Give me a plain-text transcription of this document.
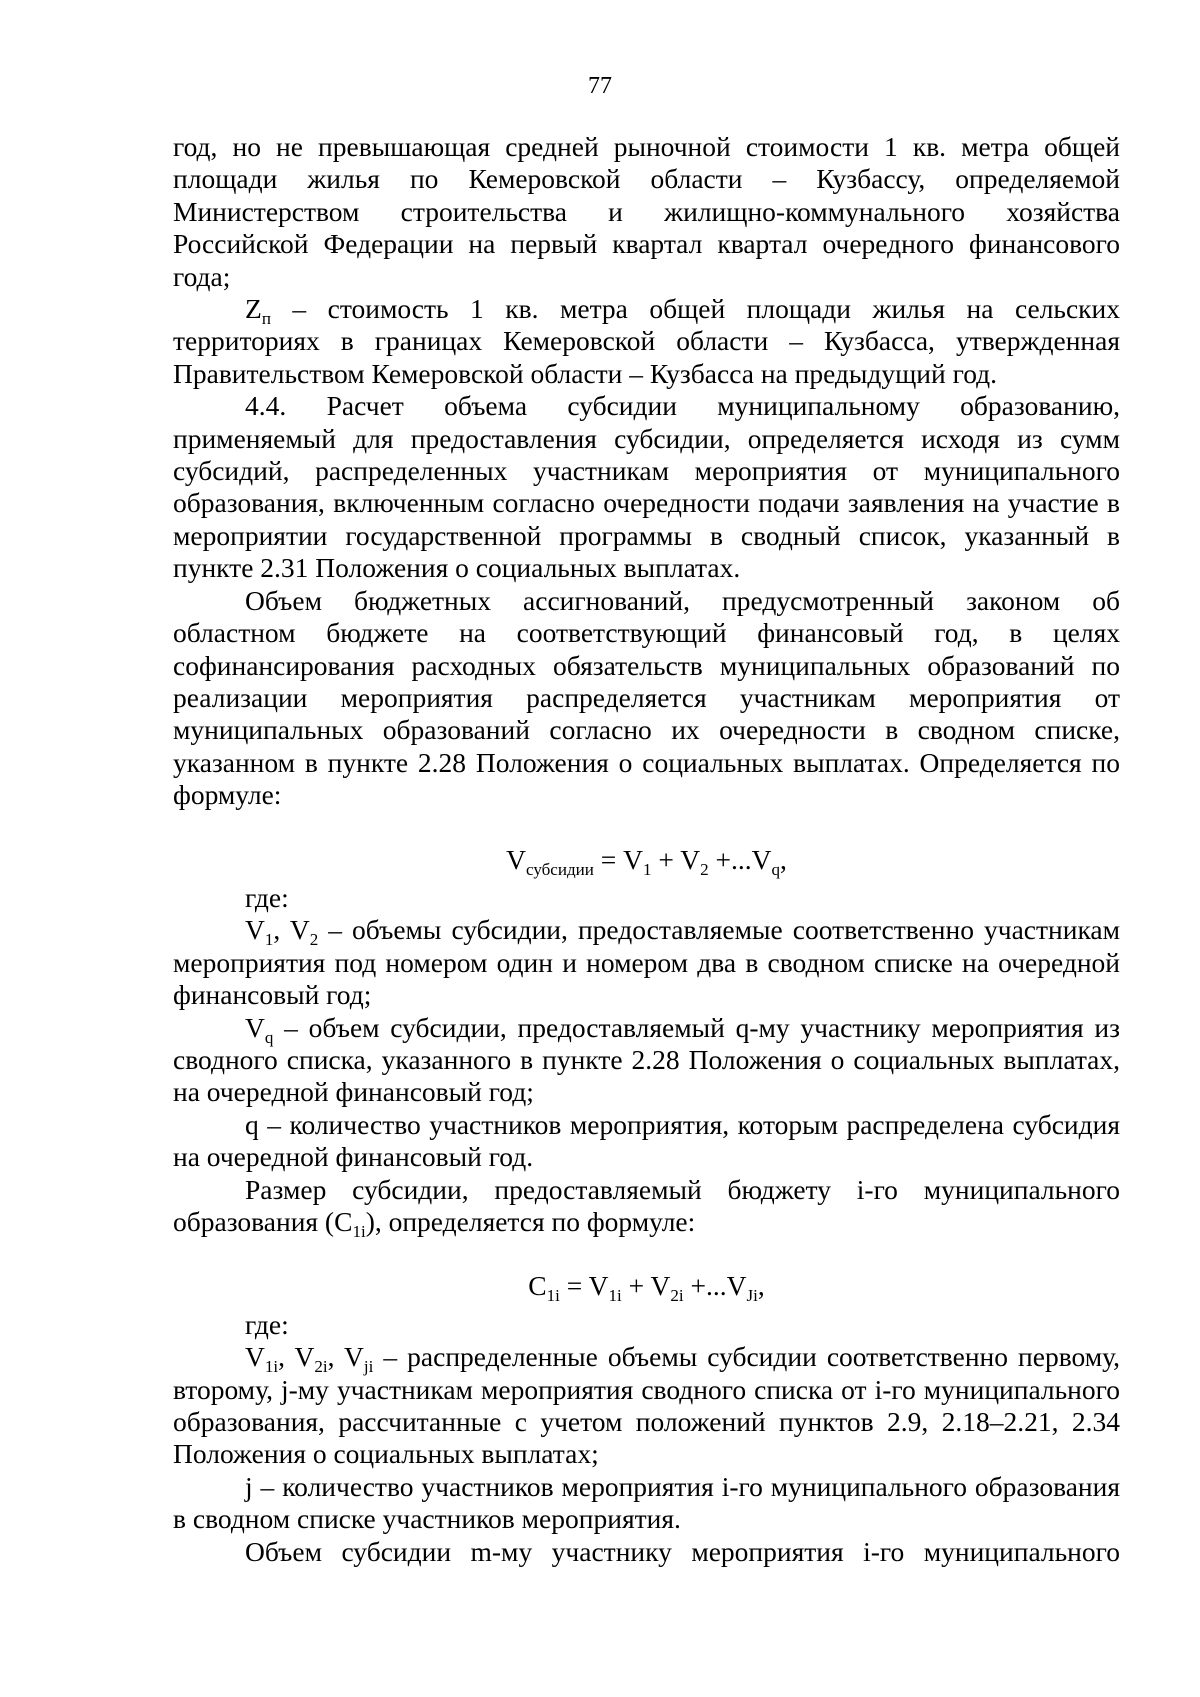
77

год, но не превышающая средней рыночной стоимости 1 кв. метра общей площади жилья по Кемеровской области – Кузбассу, определяемой Министерством строительства и жилищно-коммунального хозяйства Российской Федерации на первый квартал квартал очередного финансового года;

$Z_п$ – стоимость 1 кв. метра общей площади жилья на сельских территориях в границах Кемеровской области – Кузбасса, утвержденная Правительством Кемеровской области – Кузбасса на предыдущий год.

4.4. Расчет объема субсидии муниципальному образованию, применяемый для предоставления субсидии, определяется исходя из сумм субсидий, распределенных участникам мероприятия от муниципального образования, включенным согласно очередности подачи заявления на участие в мероприятии государственной программы в сводный список, указанный в пункте 2.31 Положения о социальных выплатах.

Объем бюджетных ассигнований, предусмотренный законом об областном бюджете на соответствующий финансовый год, в целях софинансирования расходных обязательств муниципальных образований по реализации мероприятия распределяется участникам мероприятия от муниципальных образований согласно их очередности в сводном списке, указанном в пункте 2.28 Положения о социальных выплатах. Определяется по формуле:

$V_{субсидии} = V_1 + V_2 +...V_q$,

где:

$V_1$, $V_2$ – объемы субсидии, предоставляемые соответственно участникам мероприятия под номером один и номером два в сводном списке на очередной финансовый год;

$V_q$ – объем субсидии, предоставляемый q-му участнику мероприятия из сводного списка, указанного в пункте 2.28 Положения о социальных выплатах, на очередной финансовый год;

q – количество участников мероприятия, которым распределена субсидия на очередной финансовый год.

Размер субсидии, предоставляемый бюджету i-го муниципального образования $(C_{1i})$, определяется по формуле:

$C_{1i} = V_{1i} + V_{2i} +...V_{Ji}$,

где:

$V_{1i}$, $V_{2i}$, $V_{ji}$ – распределенные объемы субсидии соответственно первому, второму, j-му участникам мероприятия сводного списка от i-го муниципального образования, рассчитанные с учетом положений пунктов 2.9, 2.18–2.21, 2.34 Положения о социальных выплатах;

j – количество участников мероприятия i-го муниципального образования в сводном списке участников мероприятия.

Объем субсидии m-му участнику мероприятия i-го муниципального
